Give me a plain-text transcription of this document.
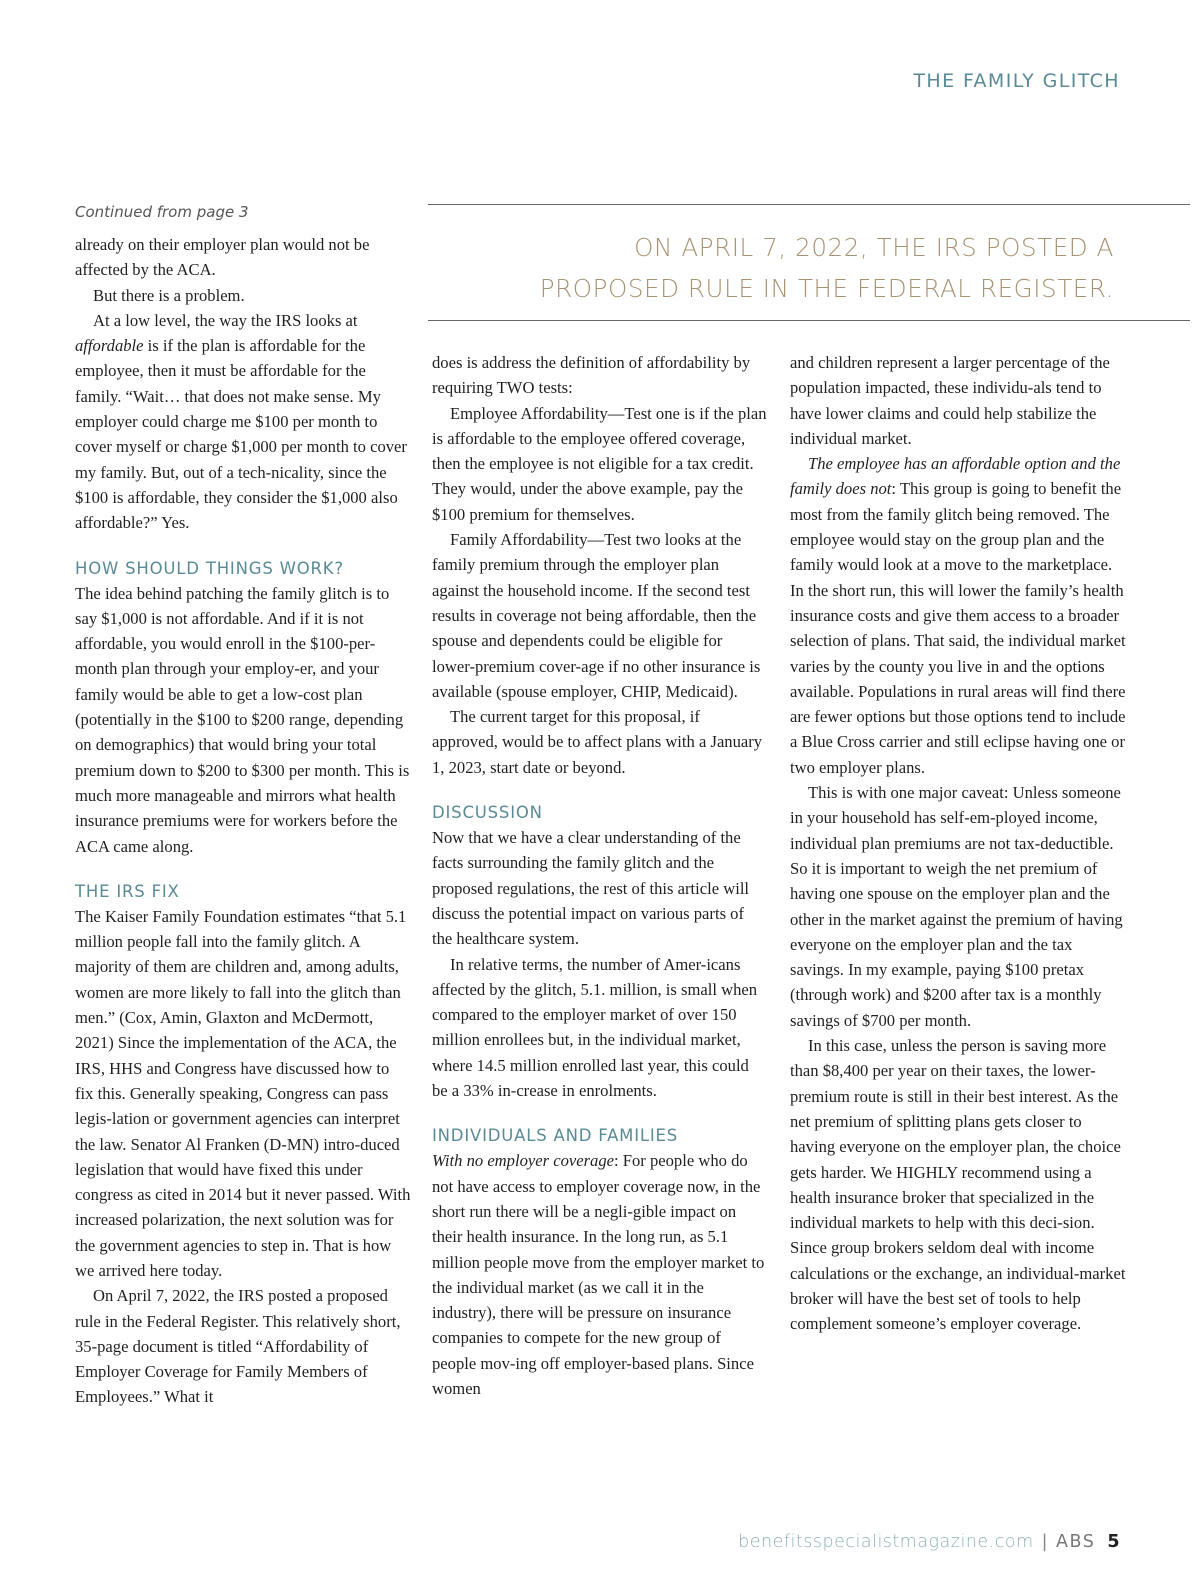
THE FAMILY GLITCH
Continued from page 3

ON APRIL 7, 2022, THE IRS POSTED A
PROPOSED RULE IN THE FEDERAL REGISTER.

already on their employer plan would not be affected by the ACA.

But there is a problem.

At a low level, the way the IRS looks at affordable is if the plan is affordable for the employee, then it must be affordable for the family. “Wait… that does not make sense. My employer could charge me $100 per month to cover myself or charge $1,000 per month to cover my family. But, out of a tech-nicality, since the $100 is affordable, they consider the $1,000 also affordable?” Yes.

HOW SHOULD THINGS WORK?

The idea behind patching the family glitch is to say $1,000 is not affordable. And if it is not affordable, you would enroll in the $100-per-month plan through your employ-er, and your family would be able to get a low-cost plan (potentially in the $100 to $200 range, depending on demographics) that would bring your total premium down to $200 to $300 per month. This is much more manageable and mirrors what health insurance premiums were for workers before the ACA came along.

THE IRS FIX

The Kaiser Family Foundation estimates “that 5.1 million people fall into the family glitch. A majority of them are children and, among adults, women are more likely to fall into the glitch than men.” (Cox, Amin, Glaxton and McDermott, 2021) Since the implementation of the ACA, the IRS, HHS and Congress have discussed how to fix this. Generally speaking, Congress can pass legis-lation or government agencies can interpret the law. Senator Al Franken (D-MN) intro-duced legislation that would have fixed this under congress as cited in 2014 but it never passed. With increased polarization, the next solution was for the government agencies to step in. That is how we arrived here today.

On April 7, 2022, the IRS posted a proposed rule in the Federal Register. This relatively short, 35-page document is titled “Affordability of Employer Coverage for Family Members of Employees.” What it

does is address the definition of affordability by requiring TWO tests:

Employee Affordability—Test one is if the plan is affordable to the employee offered coverage, then the employee is not eligible for a tax credit. They would, under the above example, pay the $100 premium for themselves.

Family Affordability—Test two looks at the family premium through the employer plan against the household income. If the second test results in coverage not being affordable, then the spouse and dependents could be eligible for lower-premium cover-age if no other insurance is available (spouse employer, CHIP, Medicaid).

The current target for this proposal, if approved, would be to affect plans with a January 1, 2023, start date or beyond.

DISCUSSION

Now that we have a clear understanding of the facts surrounding the family glitch and the proposed regulations, the rest of this article will discuss the potential impact on various parts of the healthcare system.

In relative terms, the number of Amer-icans affected by the glitch, 5.1. million, is small when compared to the employer market of over 150 million enrollees but, in the individual market, where 14.5 million enrolled last year, this could be a 33% in-crease in enrolments.

INDIVIDUALS AND FAMILIES

With no employer coverage: For people who do not have access to employer coverage now, in the short run there will be a negli-gible impact on their health insurance. In the long run, as 5.1 million people move from the employer market to the individual market (as we call it in the industry), there will be pressure on insurance companies to compete for the new group of people mov-ing off employer-based plans. Since women

and children represent a larger percentage of the population impacted, these individu-als tend to have lower claims and could help stabilize the individual market.

The employee has an affordable option and the family does not: This group is going to benefit the most from the family glitch being removed. The employee would stay on the group plan and the family would look at a move to the marketplace. In the short run, this will lower the family’s health insurance costs and give them access to a broader selection of plans. That said, the individual market varies by the county you live in and the options available. Populations in rural areas will find there are fewer options but those options tend to include a Blue Cross carrier and still eclipse having one or two employer plans.

This is with one major caveat: Unless someone in your household has self-em-ployed income, individual plan premiums are not tax-deductible. So it is important to weigh the net premium of having one spouse on the employer plan and the other in the market against the premium of having everyone on the employer plan and the tax savings. In my example, paying $100 pretax (through work) and $200 after tax is a monthly savings of $700 per month.

In this case, unless the person is saving more than $8,400 per year on their taxes, the lower-premium route is still in their best interest. As the net premium of splitting plans gets closer to having everyone on the employer plan, the choice gets harder. We HIGHLY recommend using a health insurance broker that specialized in the individual markets to help with this deci-sion. Since group brokers seldom deal with income calculations or the exchange, an individual-market broker will have the best set of tools to help complement someone’s employer coverage.

benefitsspecialistmagazine.com | ABS 5
